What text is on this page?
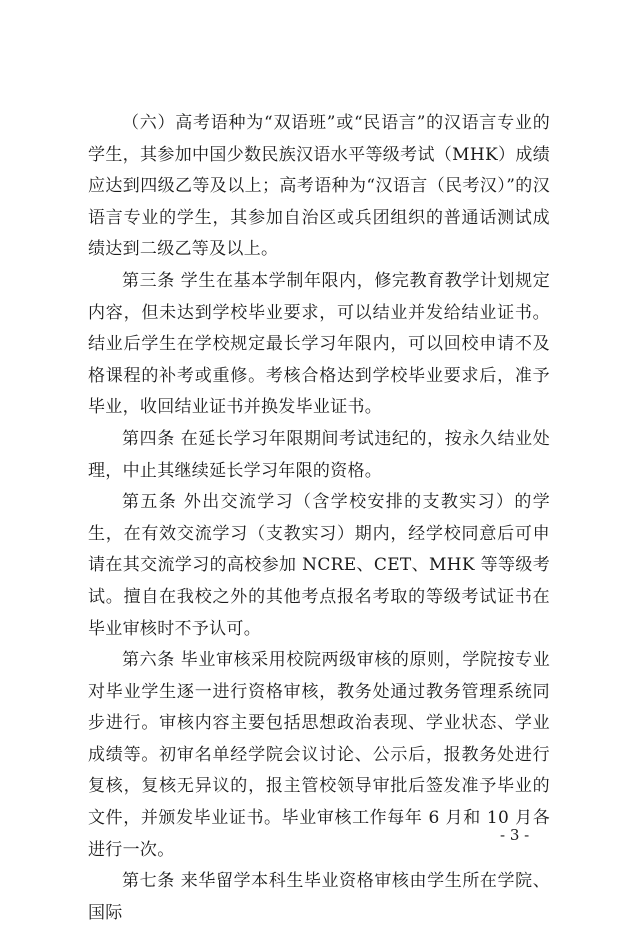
（六）高考语种为“双语班”或“民语言”的汉语言专业的学生，其参加中国少数民族汉语水平等级考试（MHK）成绩应达到四级乙等及以上；高考语种为“汉语言（民考汉）”的汉语言专业的学生，其参加自治区或兵团组织的普通话测试成绩达到二级乙等及以上。

第三条 学生在基本学制年限内，修完教育教学计划规定内容，但未达到学校毕业要求，可以结业并发给结业证书。结业后学生在学校规定最长学习年限内，可以回校申请不及格课程的补考或重修。考核合格达到学校毕业要求后，准予毕业，收回结业证书并换发毕业证书。

第四条 在延长学习年限期间考试违纪的，按永久结业处理，中止其继续延长学习年限的资格。

第五条 外出交流学习（含学校安排的支教实习）的学生，在有效交流学习（支教实习）期内，经学校同意后可申请在其交流学习的高校参加 NCRE、CET、MHK 等等级考试。擅自在我校之外的其他考点报名考取的等级考试证书在毕业审核时不予认可。

第六条 毕业审核采用校院两级审核的原则，学院按专业对毕业学生逐一进行资格审核，教务处通过教务管理系统同步进行。审核内容主要包括思想政治表现、学业状态、学业成绩等。初审名单经学院会议讨论、公示后，报教务处进行复核，复核无异议的，报主管校领导审批后签发准予毕业的文件，并颁发毕业证书。毕业审核工作每年 6 月和 10 月各进行一次。

第七条 来华留学本科生毕业资格审核由学生所在学院、国际

- 3 -
